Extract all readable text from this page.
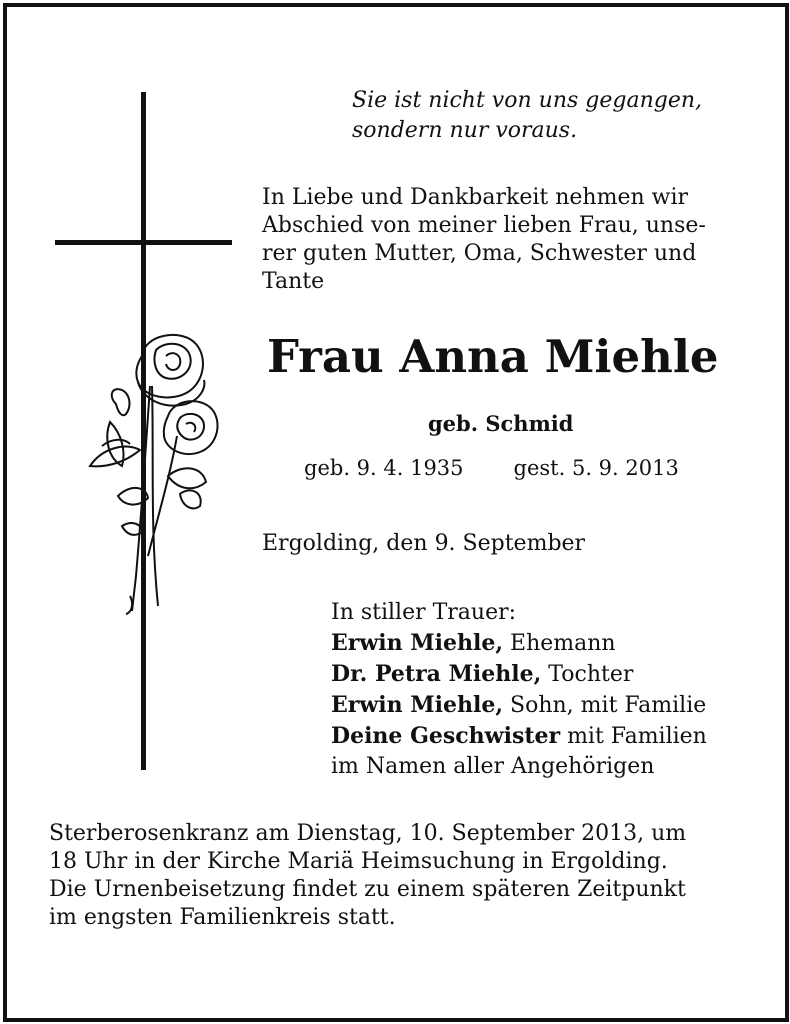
Sie ist nicht von uns gegangen,
sondern nur voraus.
In Liebe und Dankbarkeit nehmen wir
Abschied von meiner lieben Frau, unse-
rer guten Mutter, Oma, Schwester und
Tante
Frau Anna Miehle
geb. Schmid
geb. 9. 4. 1935 gest. 5. 9. 2013
Ergolding, den 9. September
In stiller Trauer:
Erwin Miehle, Ehemann
Dr. Petra Miehle, Tochter
Erwin Miehle, Sohn, mit Familie
Deine Geschwister mit Familien
im Namen aller Angehörigen
Sterberosenkranz am Dienstag, 10. September 2013, um
18 Uhr in der Kirche Mariä Heimsuchung in Ergolding.
Die Urnenbeisetzung findet zu einem späteren Zeitpunkt
im engsten Familienkreis statt.
